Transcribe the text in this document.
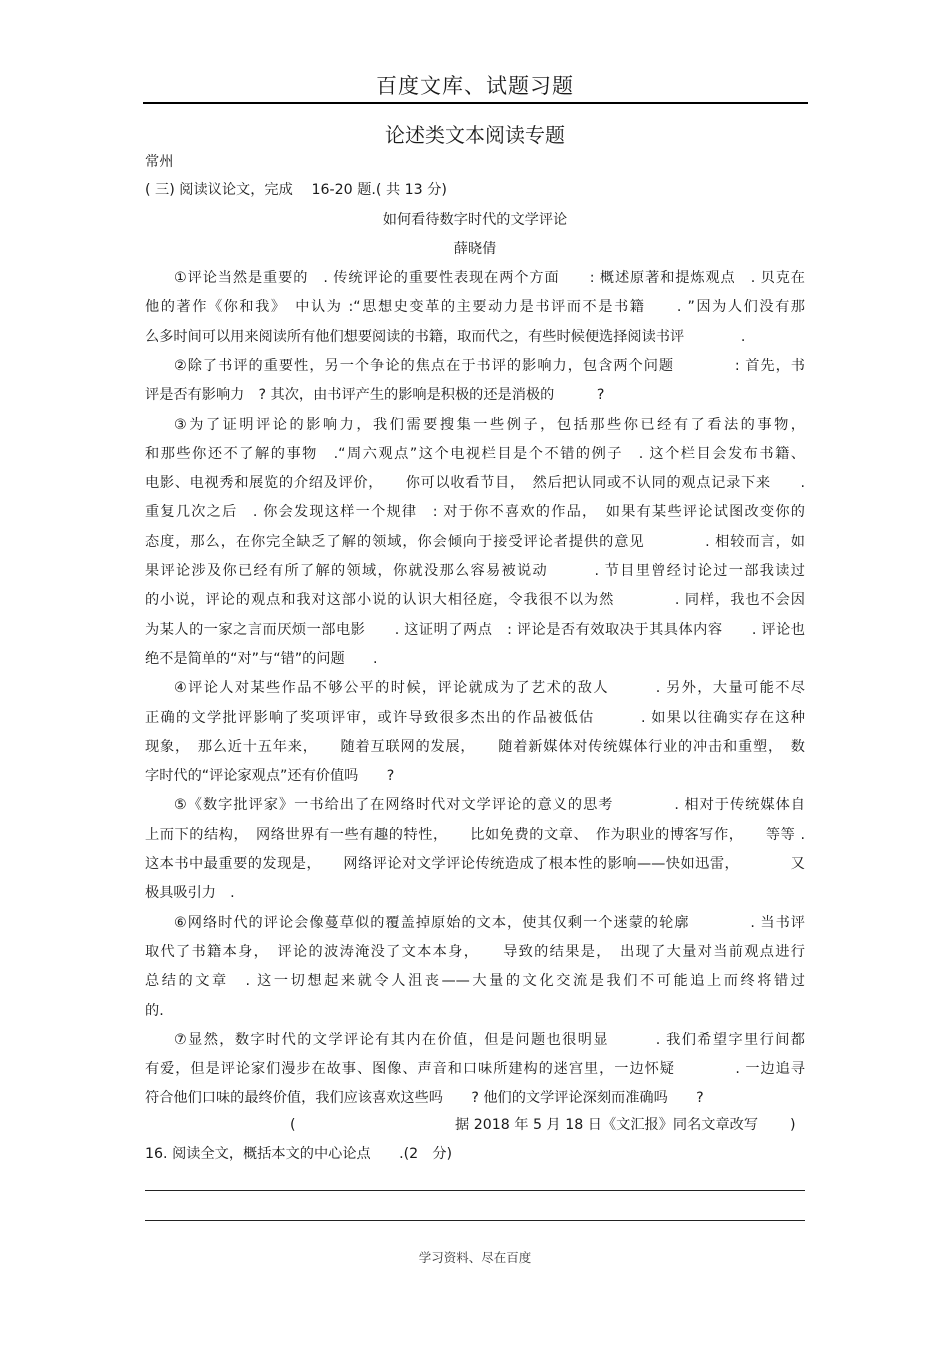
百度文库、试题习题
论述类文本阅读专题
常州
( 三) 阅读议论文，完成　 16-20 题.( 共 13 分)
如何看待数字时代的文学评论
薛晓倩
①评论当然是重要的　. 传统评论的重要性表现在两个方面　　: 概述原著和提炼观点　. 贝克在
他的著作《你和我》　中认为 :“思想史变革的主要动力是书评而不是书籍　　. ”因为人们没有那
么多时间可以用来阅读所有他们想要阅读的书籍，取而代之，有些时候便选择阅读书评　　　　.
②除了书评的重要性，另一个争论的焦点在于书评的影响力，包含两个问题　　　　: 首先，书
评是否有影响力　? 其次，由书评产生的影响是积极的还是消极的　　　?
③为了证明评论的影响力，我们需要搜集一些例子，包括那些你已经有了看法的事物，
和那些你还不了解的事物　.“周六观点”这个电视栏目是个不错的例子　. 这个栏目会发布书籍、
电影、电视秀和展览的介绍及评价，　　你可以收看节目，　然后把认同或不认同的观点记录下来　　.
重复几次之后　. 你会发现这样一个规律　: 对于你不喜欢的作品，　如果有某些评论试图改变你的
态度，那么，在你完全缺乏了解的领域，你会倾向于接受评论者提供的意见　　　　. 相较而言，如
果评论涉及你已经有所了解的领域，你就没那么容易被说动　　　. 节目里曾经讨论过一部我读过
的小说，评论的观点和我对这部小说的认识大相径庭，令我很不以为然　　　　. 同样，我也不会因
为某人的一家之言而厌烦一部电影　　. 这证明了两点　: 评论是否有效取决于其具体内容　　. 评论也
绝不是简单的“对”与“错”的问题　　.
④评论人对某些作品不够公平的时候，评论就成为了艺术的敌人　　　. 另外，大量可能不尽
正确的文学批评影响了奖项评审，或许导致很多杰出的作品被低估　　　. 如果以往确实存在这种
现象，　那么近十五年来，　　随着互联网的发展，　　随着新媒体对传统媒体行业的冲击和重塑，　数
字时代的“评论家观点”还有价值吗　　?
⑤《数字批评家》一书给出了在网络时代对文学评论的意义的思考　　　　. 相对于传统媒体自
上而下的结构，　网络世界有一些有趣的特性，　　比如免费的文章、　作为职业的博客写作，　　等等 .
这本书中最重要的发现是，　　网络评论对文学评论传统造成了根本性的影响——快如迅雷，　　　　又
极具吸引力　.
⑥网络时代的评论会像蔓草似的覆盖掉原始的文本，使其仅剩一个迷蒙的轮廓　　　　. 当书评
取代了书籍本身，　评论的波涛淹没了文本本身，　　导致的结果是，　出现了大量对当前观点进行
总结的文章　. 这一切想起来就令人沮丧——大量的文化交流是我们不可能追上而终将错过
的.
⑦显然，数字时代的文学评论有其内在价值，但是问题也很明显　　　. 我们希望字里行间都
有爱，但是评论家们漫步在故事、图像、声音和口味所建构的迷宫里，一边怀疑　　　　. 一边追寻
符合他们口味的最终价值，我们应该喜欢这些吗　　? 他们的文学评论深刻而准确吗　　?
(	据 2018 年 5 月 18 日《文汇报》同名文章改写 )
16. 阅读全文，概括本文的中心论点　　.(2　分)
学习资料、尽在百度
